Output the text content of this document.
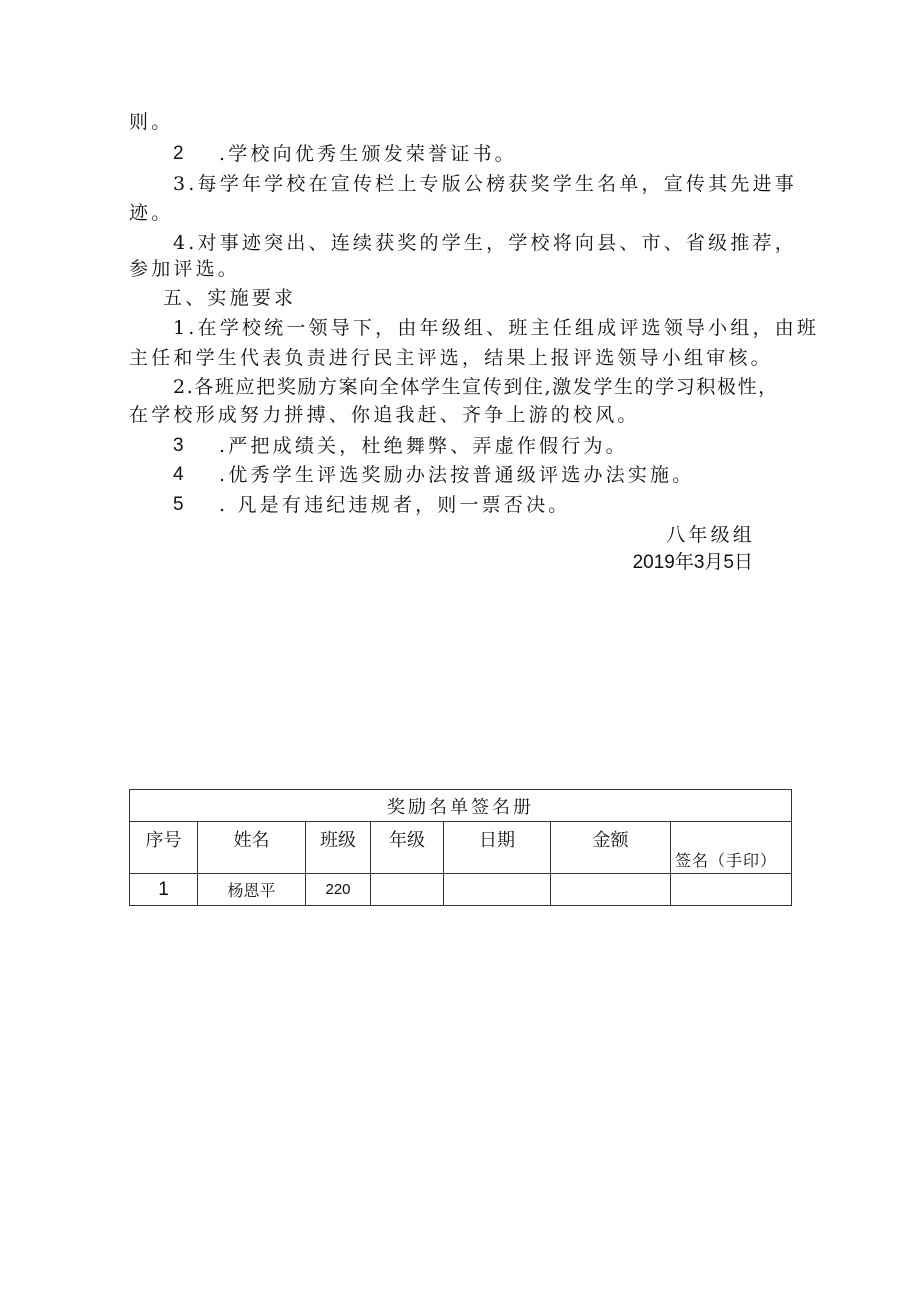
则。
2 .学校向优秀生颁发荣誉证书。
3.每学年学校在宣传栏上专版公榜获奖学生名单，宣传其先进事
迹。
4.对事迹突出、连续获奖的学生，学校将向县、市、省级推荐，
参加评选。
五、实施要求
1.在学校统一领导下，由年级组、班主任组成评选领导小组，由班
主任和学生代表负责进行民主评选，结果上报评选领导小组审核。
2.各班应把奖励方案向全体学生宣传到住,激发学生的学习积极性，
在学校形成努力拼搏、你追我赶、齐争上游的校风。
3 .严把成绩关，杜绝舞弊、弄虚作假行为。
4 .优秀学生评选奖励办法按普通级评选办法实施。
5 . 凡是有违纪违规者，则一票否决。
八年级组
2019年3月5日
奖励名单签名册						
序号	姓名	班级	年级	日期	金额	签名（手印）
1	杨恩平	220				
